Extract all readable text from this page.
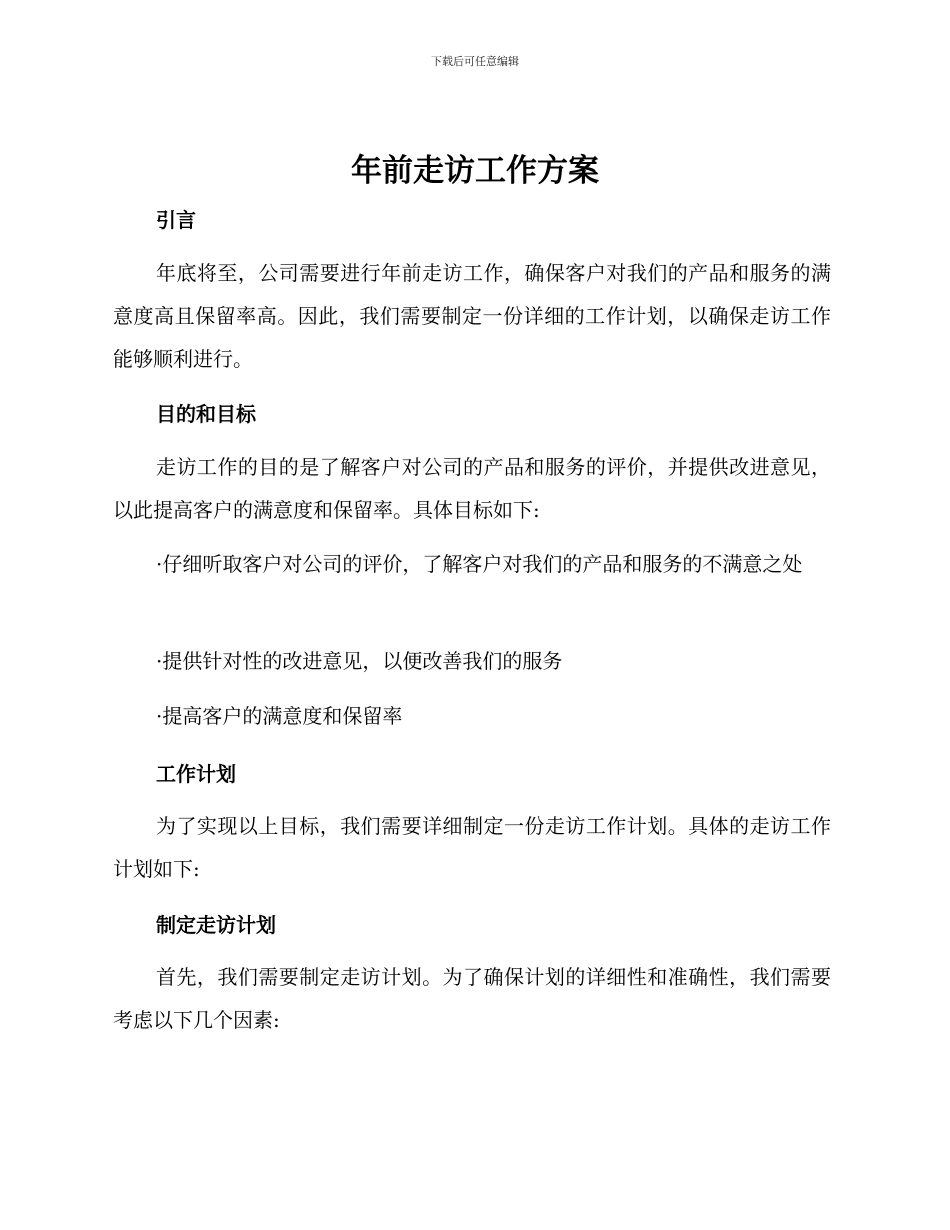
下载后可任意编辑
年前走访工作方案
引言

年底将至，公司需要进行年前走访工作，确保客户对我们的产品和服务的满意度高且保留率高。因此，我们需要制定一份详细的工作计划，以确保走访工作能够顺利进行。

目的和目标

走访工作的目的是了解客户对公司的产品和服务的评价，并提供改进意见，以此提高客户的满意度和保留率。具体目标如下:

·仔细听取客户对公司的评价，了解客户对我们的产品和服务的不满意之处

·提供针对性的改进意见，以便改善我们的服务

·提高客户的满意度和保留率

工作计划

为了实现以上目标，我们需要详细制定一份走访工作计划。具体的走访工作计划如下:

制定走访计划

首先，我们需要制定走访计划。为了确保计划的详细性和准确性，我们需要考虑以下几个因素:
